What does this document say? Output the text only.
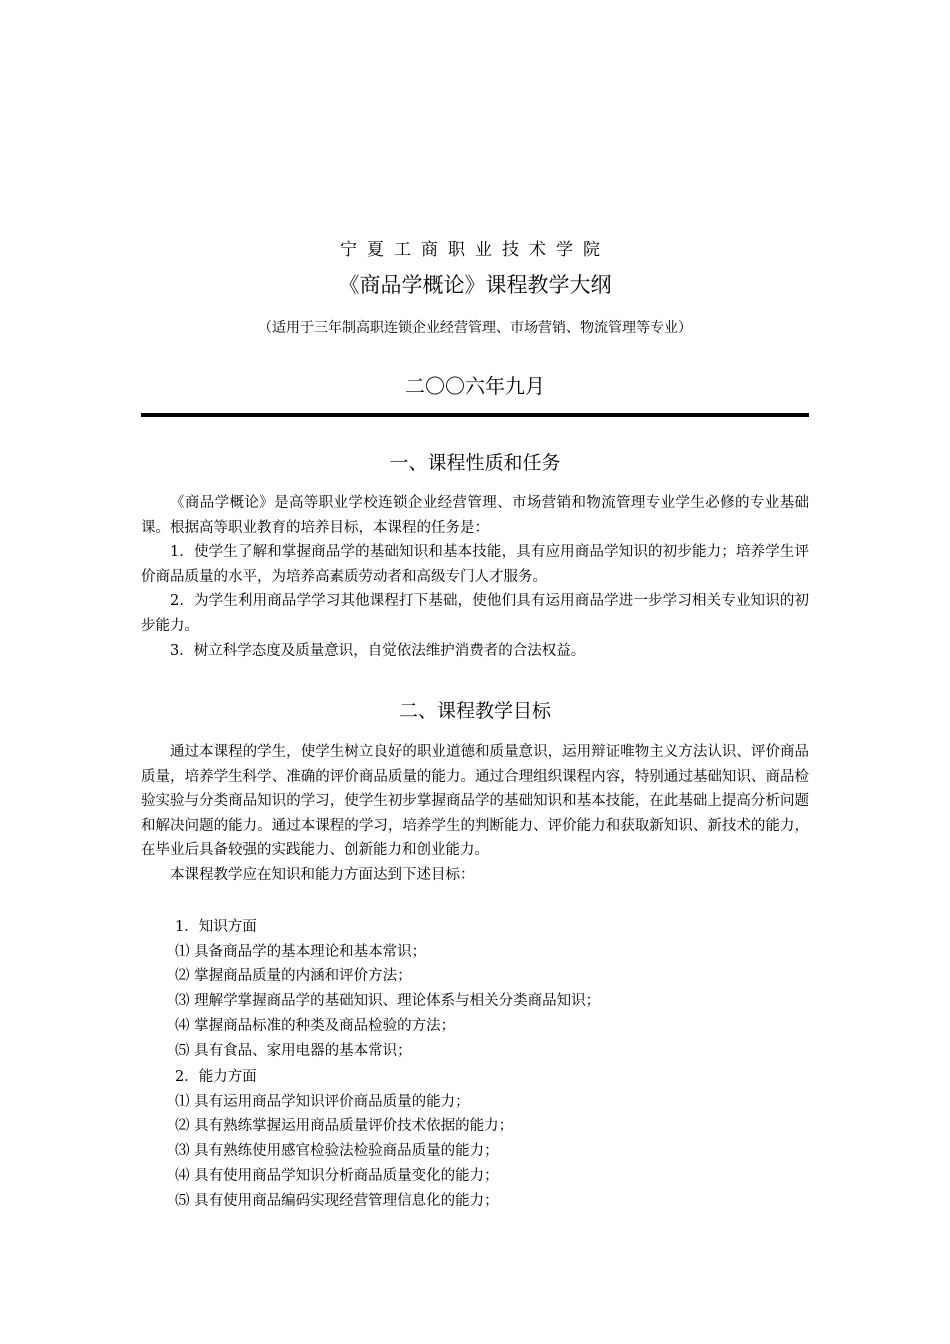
宁夏工商职业技术学院
《商品学概论》课程教学大纲
（适用于三年制高职连锁企业经营管理、市场营销、物流管理等专业）
二〇〇六年九月
一、课程性质和任务

《商品学概论》是高等职业学校连锁企业经营管理、市场营销和物流管理专业学生必修的专业基础课。根据高等职业教育的培养目标，本课程的任务是：

1．使学生了解和掌握商品学的基础知识和基本技能，具有应用商品学知识的初步能力；培养学生评价商品质量的水平，为培养高素质劳动者和高级专门人才服务。

2．为学生利用商品学学习其他课程打下基础，使他们具有运用商品学进一步学习相关专业知识的初步能力。

3．树立科学态度及质量意识，自觉依法维护消费者的合法权益。

二、课程教学目标

通过本课程的学生，使学生树立良好的职业道德和质量意识，运用辩证唯物主义方法认识、评价商品质量，培养学生科学、准确的评价商品质量的能力。通过合理组织课程内容，特别通过基础知识、商品检验实验与分类商品知识的学习，使学生初步掌握商品学的基础知识和基本技能，在此基础上提高分析问题和解决问题的能力。通过本课程的学习，培养学生的判断能力、评价能力和获取新知识、新技术的能力，在毕业后具备较强的实践能力、创新能力和创业能力。

本课程教学应在知识和能力方面达到下述目标：

1．知识方面
⑴ 具备商品学的基本理论和基本常识；
⑵ 掌握商品质量的内涵和评价方法；
⑶ 理解学掌握商品学的基础知识、理论体系与相关分类商品知识；
⑷ 掌握商品标准的种类及商品检验的方法；
⑸ 具有食品、家用电器的基本常识；
2．能力方面
⑴ 具有运用商品学知识评价商品质量的能力；
⑵ 具有熟练掌握运用商品质量评价技术依据的能力；
⑶ 具有熟练使用感官检验法检验商品质量的能力；
⑷ 具有使用商品学知识分析商品质量变化的能力；
⑸ 具有使用商品编码实现经营管理信息化的能力；
